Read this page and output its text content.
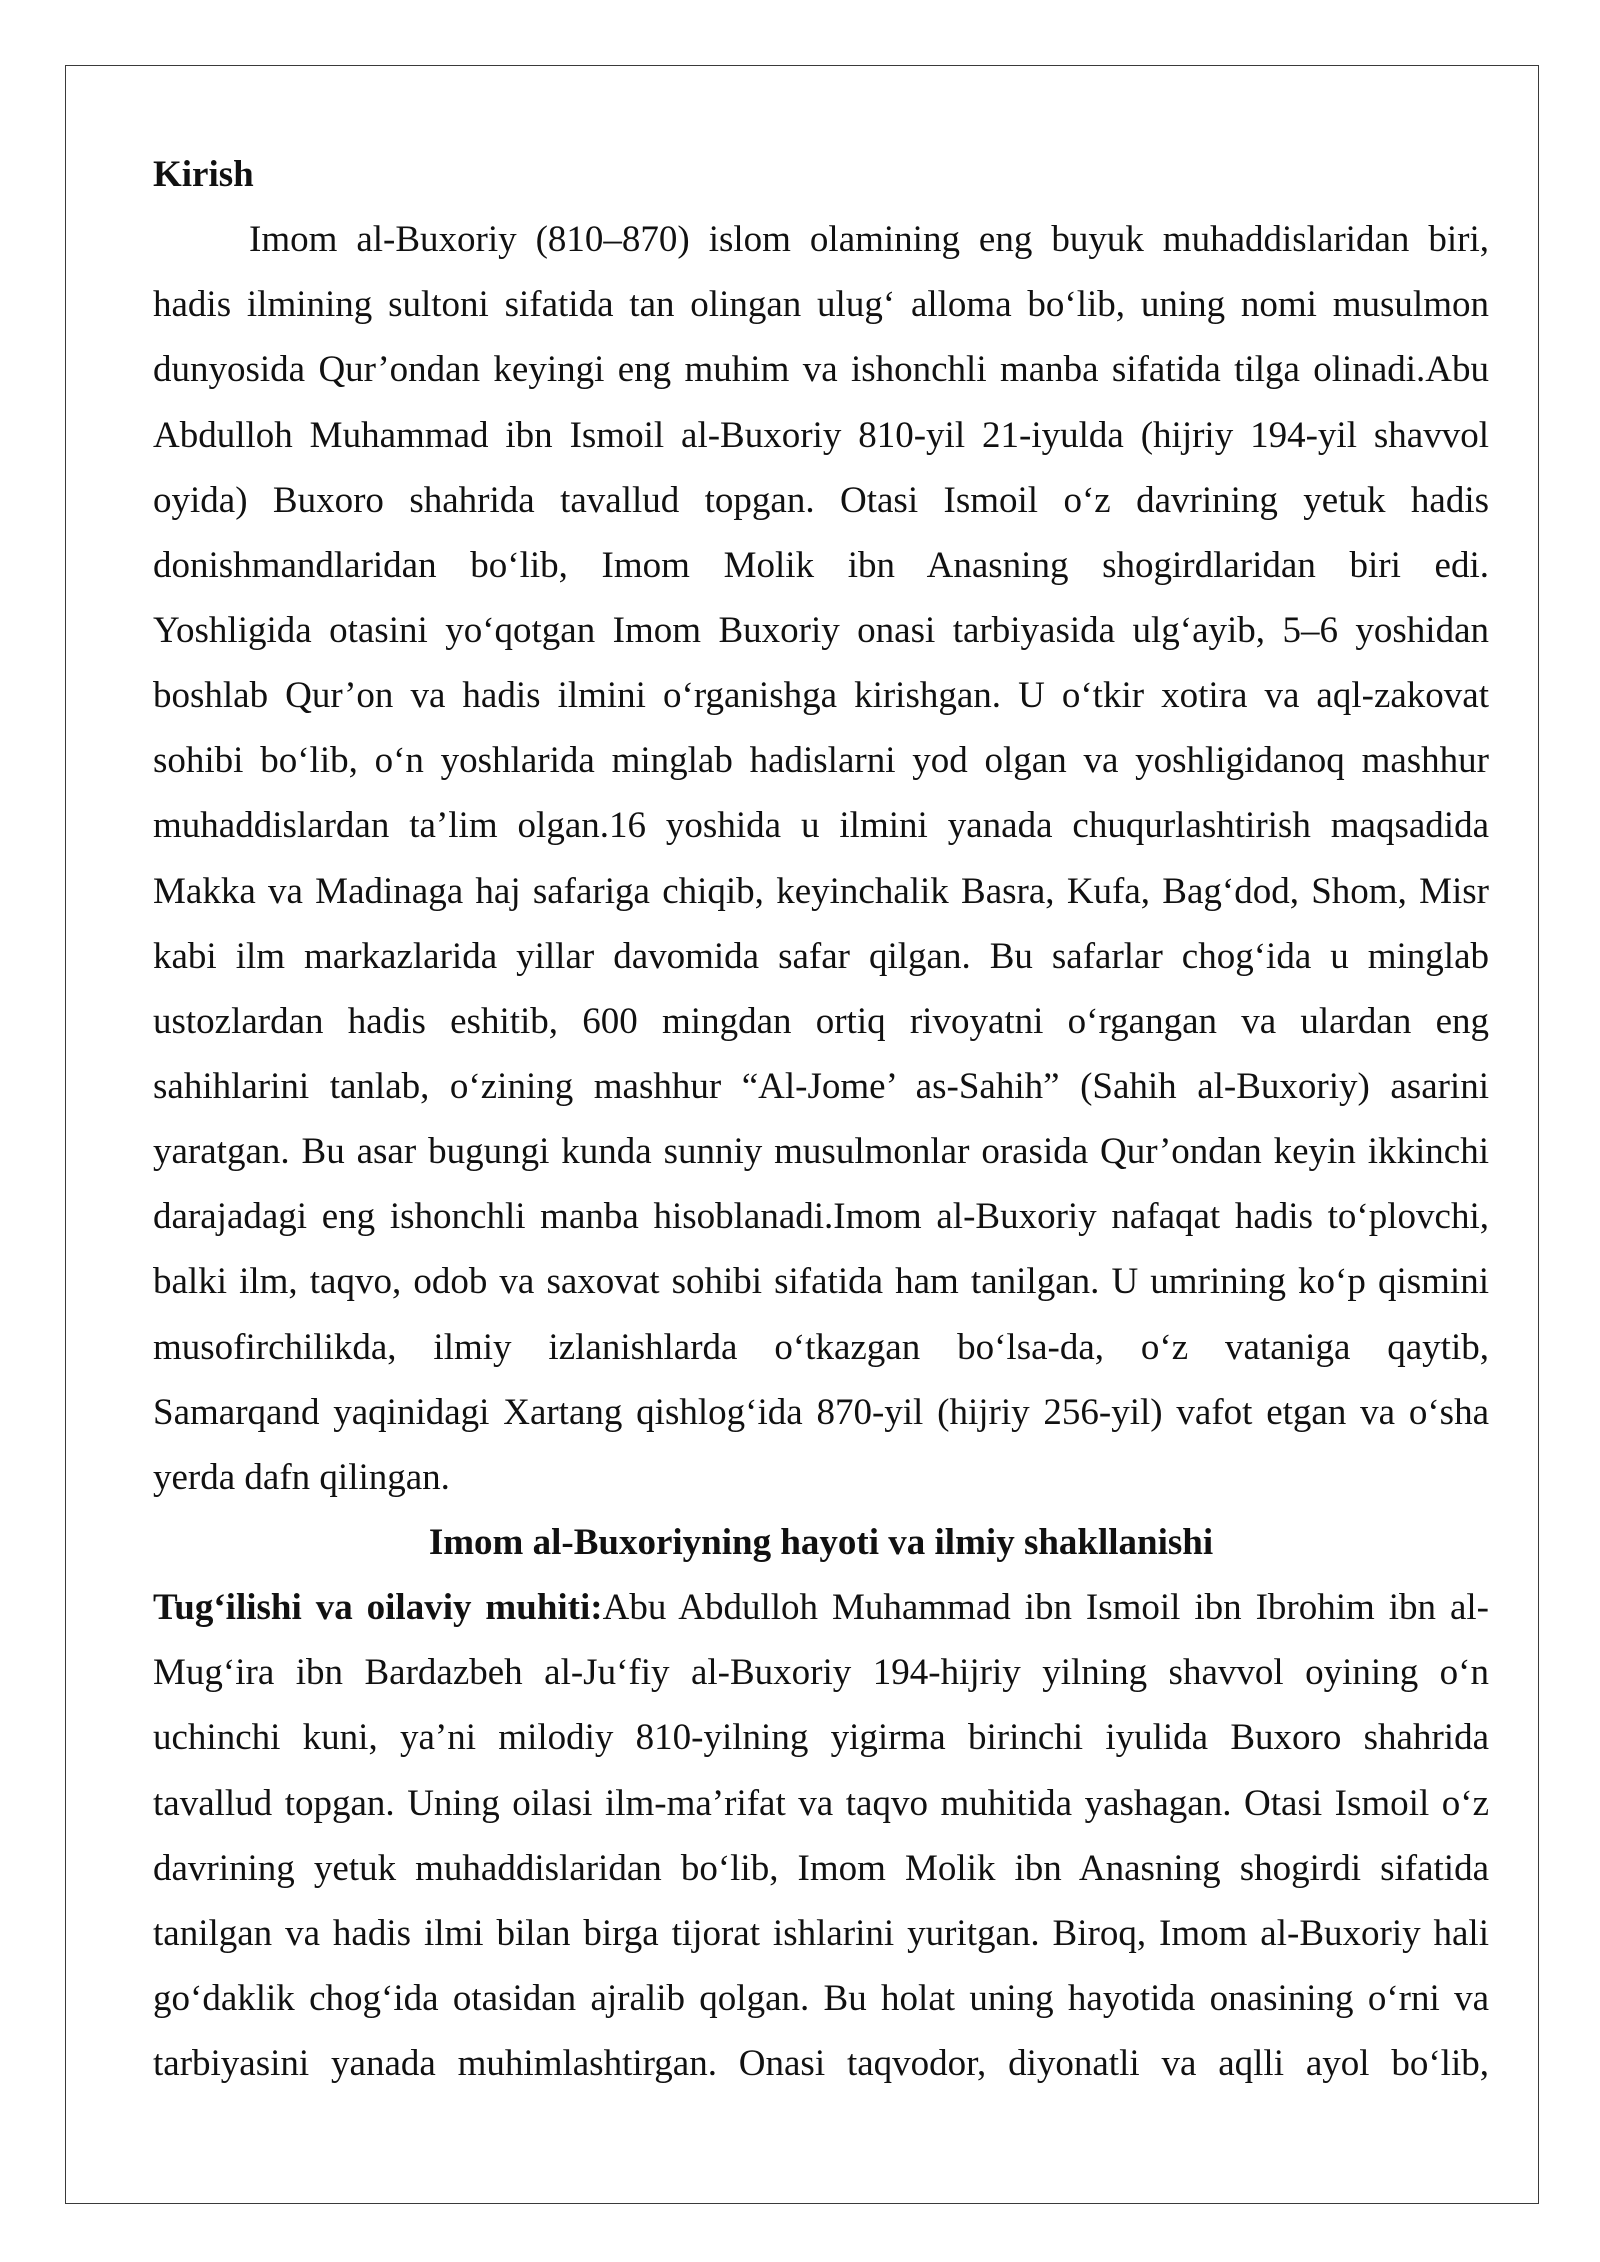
Kirish
Imom al-Buxoriy (810–870) islom olamining eng buyuk muhaddislaridan biri,
hadis ilmining sultoni sifatida tan olingan ulug‘ alloma bo‘lib, uning nomi musulmon
dunyosida Qur’ondan keyingi eng muhim va ishonchli manba sifatida tilga olinadi.Abu
Abdulloh Muhammad ibn Ismoil al-Buxoriy 810-yil 21-iyulda (hijriy 194-yil shavvol
oyida) Buxoro shahrida tavallud topgan. Otasi Ismoil o‘z davrining yetuk hadis
donishmandlaridan bo‘lib, Imom Molik ibn Anasning shogirdlaridan biri edi.
Yoshligida otasini yo‘qotgan Imom Buxoriy onasi tarbiyasida ulg‘ayib, 5–6 yoshidan
boshlab Qur’on va hadis ilmini o‘rganishga kirishgan. U o‘tkir xotira va aql-zakovat
sohibi bo‘lib, o‘n yoshlarida minglab hadislarni yod olgan va yoshligidanoq mashhur
muhaddislardan ta’lim olgan.16 yoshida u ilmini yanada chuqurlashtirish maqsadida
Makka va Madinaga haj safariga chiqib, keyinchalik Basra, Kufa, Bag‘dod, Shom, Misr
kabi ilm markazlarida yillar davomida safar qilgan. Bu safarlar chog‘ida u minglab
ustozlardan hadis eshitib, 600 mingdan ortiq rivoyatni o‘rgangan va ulardan eng
sahihlarini tanlab, o‘zining mashhur “Al-Jome’ as-Sahih” (Sahih al-Buxoriy) asarini
yaratgan. Bu asar bugungi kunda sunniy musulmonlar orasida Qur’ondan keyin ikkinchi
darajadagi eng ishonchli manba hisoblanadi.Imom al-Buxoriy nafaqat hadis to‘plovchi,
balki ilm, taqvo, odob va saxovat sohibi sifatida ham tanilgan. U umrining ko‘p qismini
musofirchilikda, ilmiy izlanishlarda o‘tkazgan bo‘lsa-da, o‘z vataniga qaytib,
Samarqand yaqinidagi Xartang qishlog‘ida 870-yil (hijriy 256-yil) vafot etgan va o‘sha
yerda dafn qilingan.
Imom al-Buxoriyning hayoti va ilmiy shakllanishi
Tug‘ilishi va oilaviy muhiti:Abu Abdulloh Muhammad ibn Ismoil ibn Ibrohim ibn al-
Mug‘ira ibn Bardazbeh al-Ju‘fiy al-Buxoriy 194-hijriy yilning shavvol oyining o‘n
uchinchi kuni, ya’ni milodiy 810-yilning yigirma birinchi iyulida Buxoro shahrida
tavallud topgan. Uning oilasi ilm-ma’rifat va taqvo muhitida yashagan. Otasi Ismoil o‘z
davrining yetuk muhaddislaridan bo‘lib, Imom Molik ibn Anasning shogirdi sifatida
tanilgan va hadis ilmi bilan birga tijorat ishlarini yuritgan. Biroq, Imom al-Buxoriy hali
go‘daklik chog‘ida otasidan ajralib qolgan. Bu holat uning hayotida onasining o‘rni va
tarbiyasini yanada muhimlashtirgan. Onasi taqvodor, diyonatli va aqlli ayol bo‘lib,
